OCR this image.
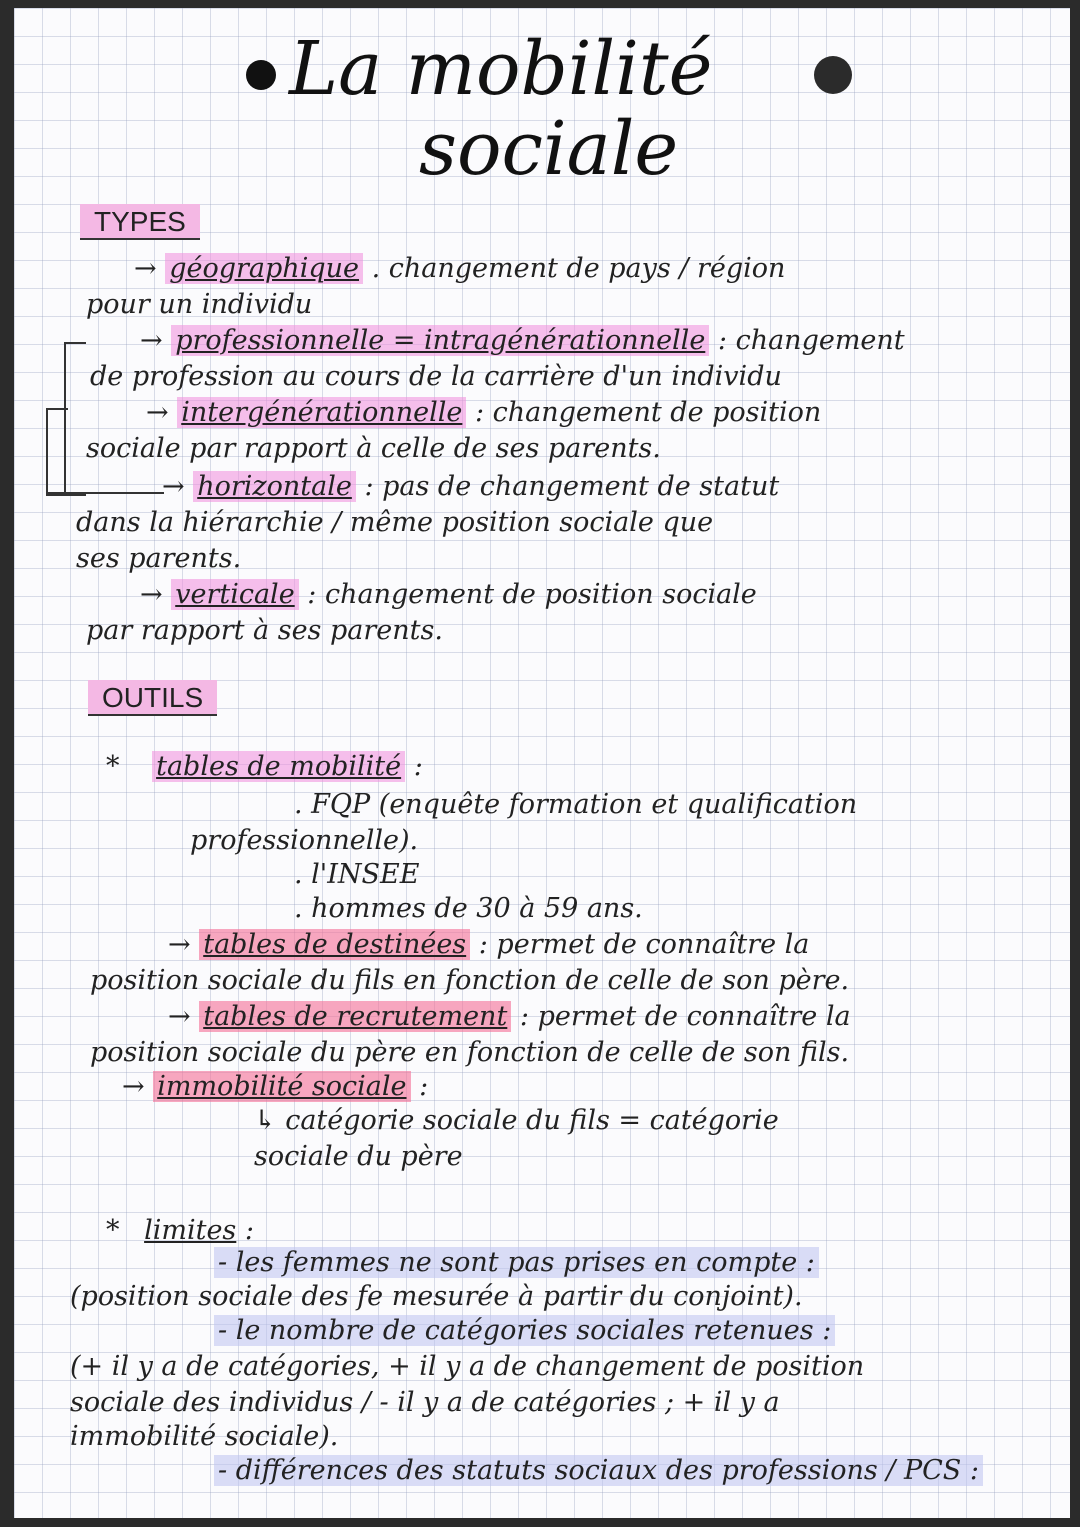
La mobilité
sociale
TYPES
→ géographique . changement de pays / région
pour un individu
→ professionnelle = intragénérationnelle : changement
de profession au cours de la carrière d'un individu
→ intergénérationnelle : changement de position
sociale par rapport à celle de ses parents.
→ horizontale : pas de changement de statut
dans la hiérarchie / même position sociale que
ses parents.
→ verticale : changement de position sociale
par rapport à ses parents.
OUTILS
* tables de mobilité :
. FQP (enquête formation et qualification
professionnelle).
. l'INSEE
. hommes de 30 à 59 ans.
→ tables de destinées : permet de connaître la
position sociale du fils en fonction de celle de son père.
→ tables de recrutement : permet de connaître la
position sociale du père en fonction de celle de son fils.
→ immobilité sociale :
↳ catégorie sociale du fils = catégorie
sociale du père
* limites :
- les femmes ne sont pas prises en compte :
(position sociale des fe mesurée à partir du conjoint).
- le nombre de catégories sociales retenues :
(+ il y a de catégories, + il y a de changement de position
sociale des individus / - il y a de catégories ; + il y a
immobilité sociale).
- différences des statuts sociaux des professions / PCS :
